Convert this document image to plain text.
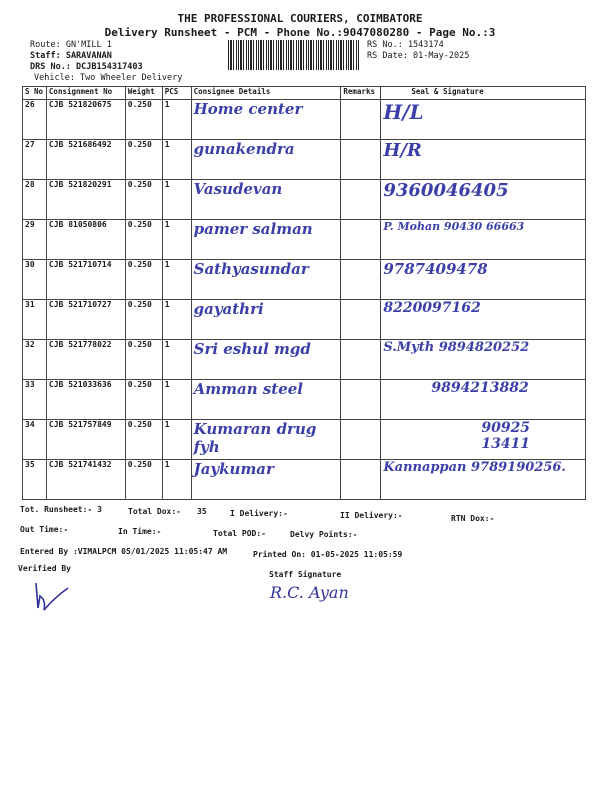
THE PROFESSIONAL COURIERS, COIMBATORE
Delivery Runsheet - PCM - Phone No.:9047080280 - Page No.:3
Route: GN'MILL 1
Staff: SARAVANAN
DRS No.: DCJB154317403
Vehicle: Two Wheeler Delivery
RS No.: 1543174
RS Date: 01-May-2025
S No	Consignment No	Weight	PCS	Consignee Details	Remarks	Seal & Signature
26	CJB 521820675	0.250	1	Home center		H/L
27	CJB 521686492	0.250	1	gunakendra		H/R
28	CJB 521820291	0.250	1	Vasudevan		9360046405
29	CJB 81050806	0.250	1	pamer salman		P. Mohan 90430 66663
30	CJB 521710714	0.250	1	Sathyasundar		9787409478
31	CJB 521710727	0.250	1	gayathri		8220097162
32	CJB 521778022	0.250	1	Sri eshul mgd		S.Myth 9894820252
33	CJB 521033636	0.250	1	Amman steel		9894213882
34	CJB 521757849	0.250	1	Kumaran drug fyh		90925 13411
35	CJB 521741432	0.250	1	Jaykumar		Kannappan 9789190256.
Tot. Runsheet:- 3	Total Dox:- 35	I Delivery:-	II Delivery:-	RTN Dox:-
Out Time:-	In Time:-	Total POD:-	Delvy Points:-
Entered By :VIMALPCM 05/01/2025 11:05:47 AM	Printed On: 01-05-2025 11:05:59
Verified By
Staff Signature
R.C. Ayan
